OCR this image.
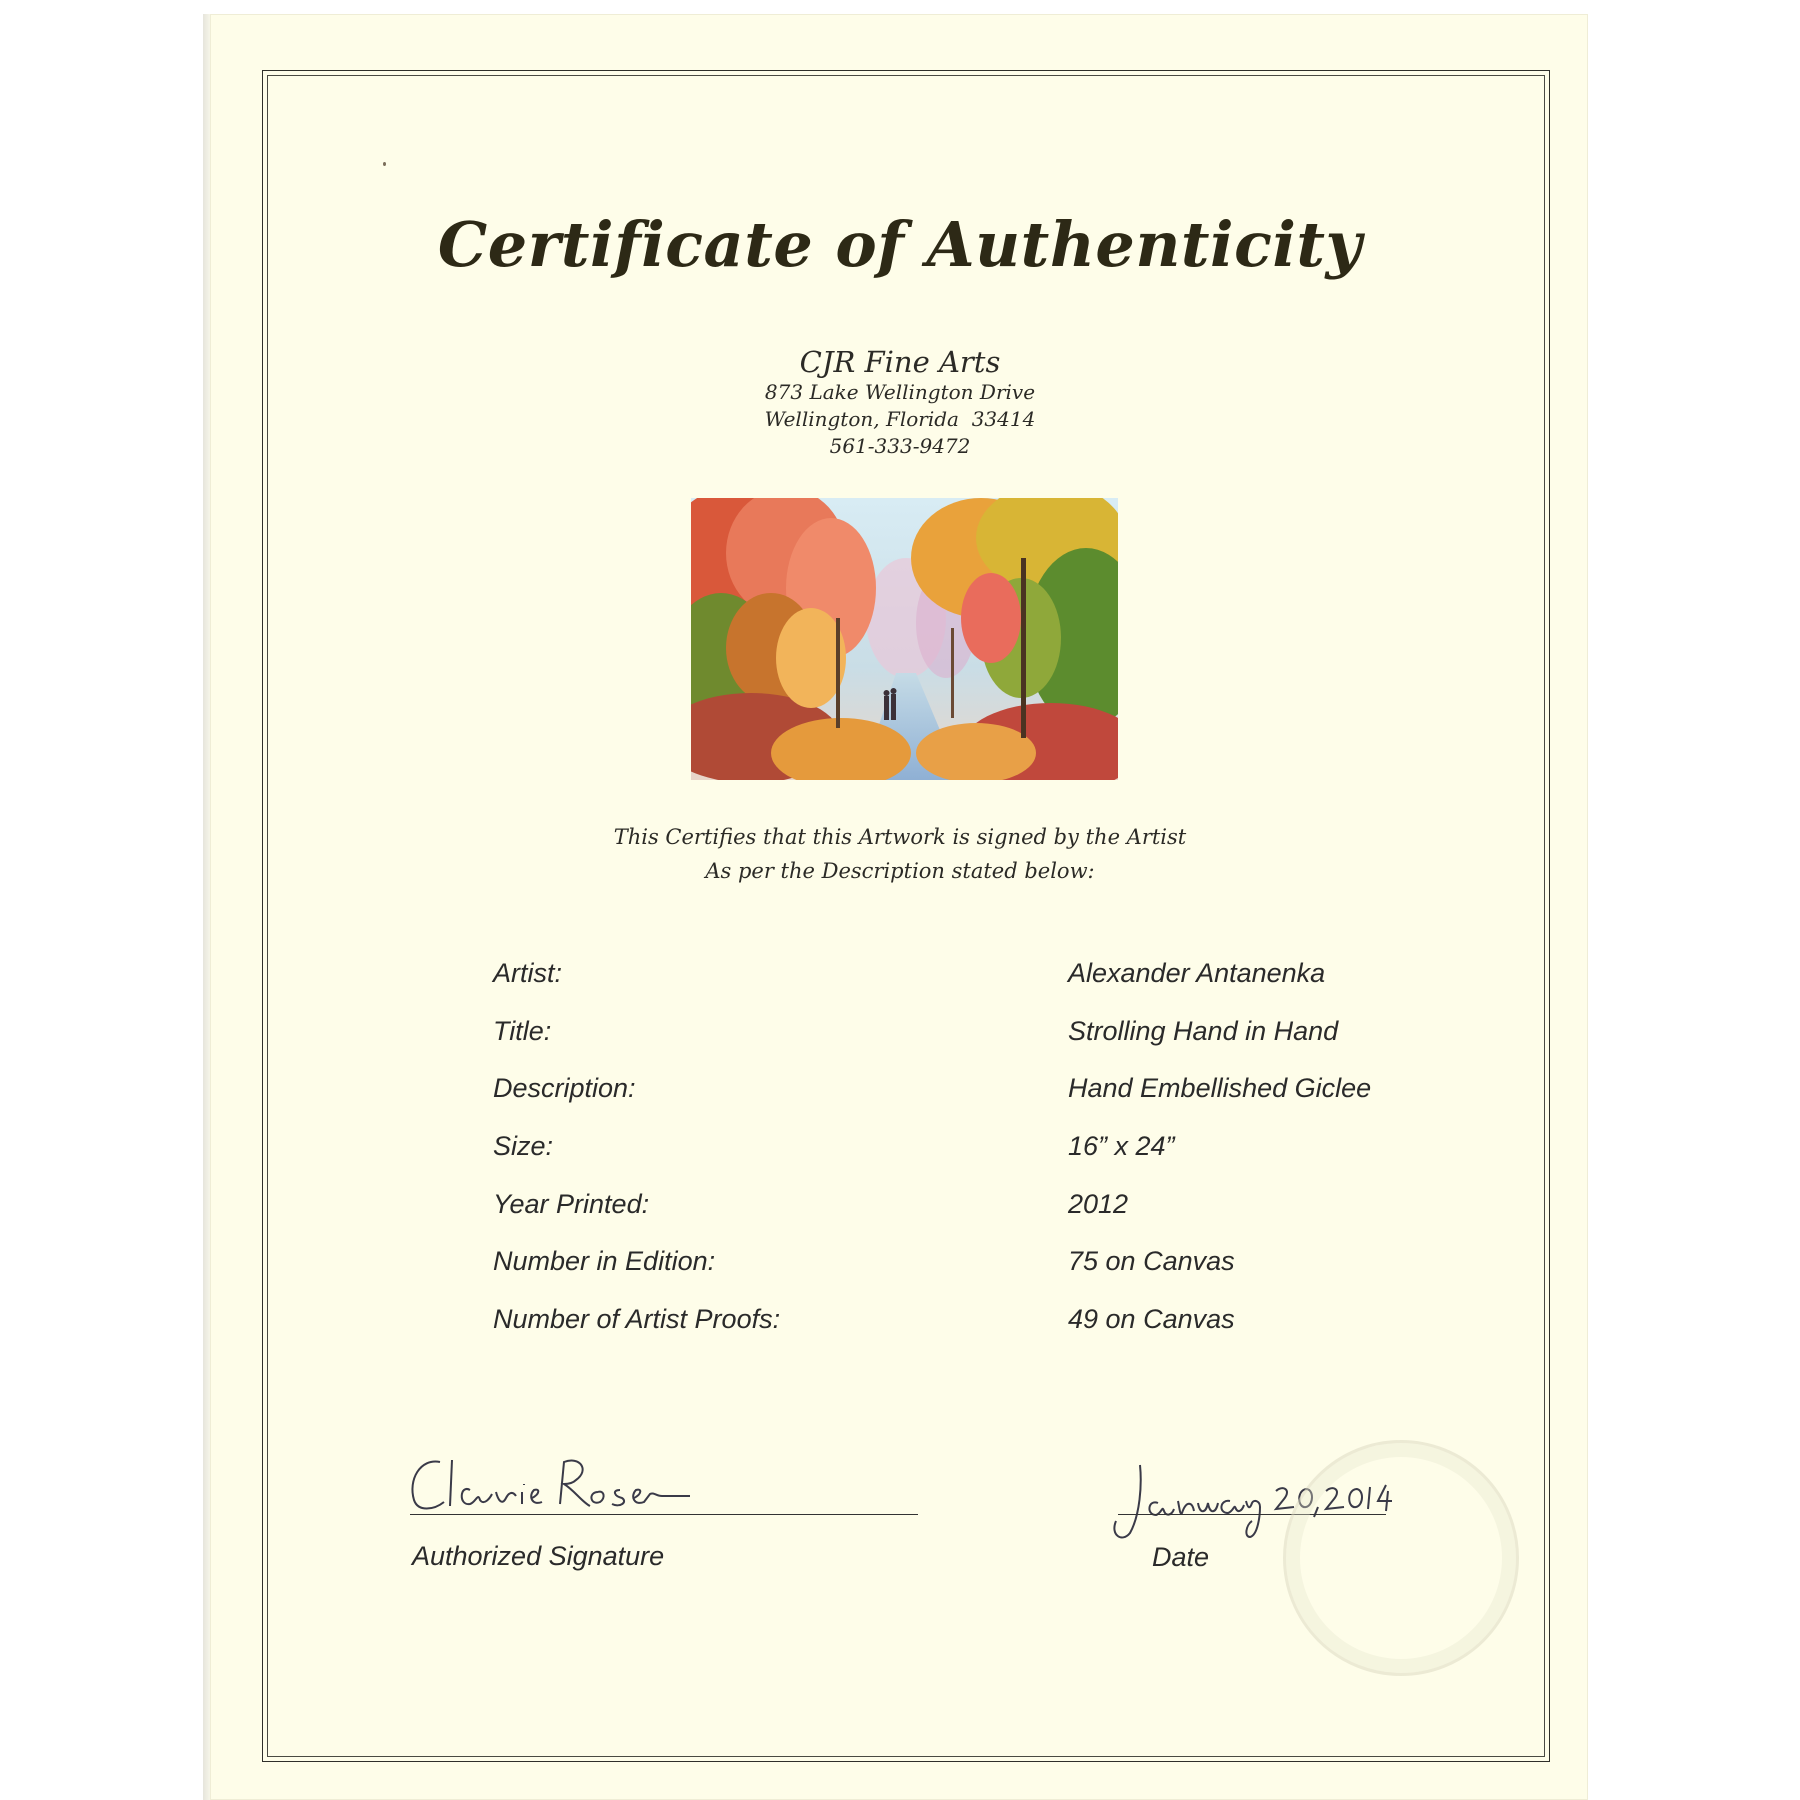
Certificate of Authenticity
CJR Fine Arts
873 Lake Wellington Drive
Wellington, Florida  33414
561-333-9472
This Certifies that this Artwork is signed by the Artist
As per the Description stated below:
Artist:	Alexander Antanenka
Title:	Strolling Hand in Hand
Description:	Hand Embellished Giclee
Size:	16” x 24”
Year Printed:	2012
Number in Edition:	75 on Canvas
Number of Artist Proofs:	49 on Canvas
Authorized Signature	Date
